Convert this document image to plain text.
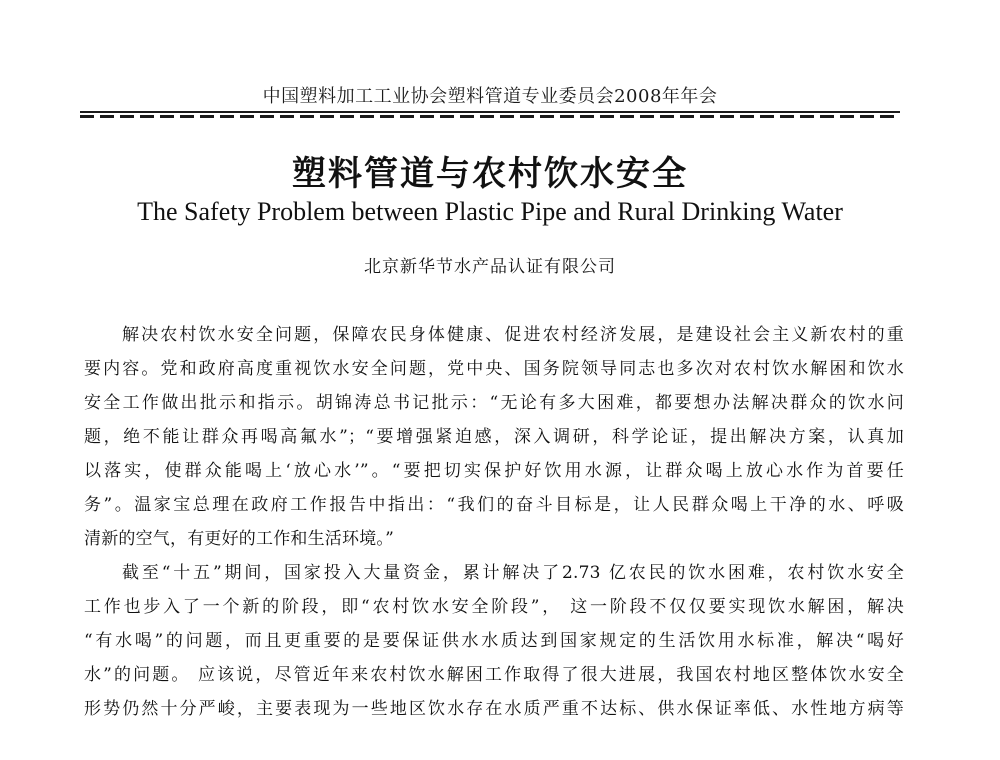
中国塑料加工工业协会塑料管道专业委员会2008年年会
塑料管道与农村饮水安全
The Safety Problem between Plastic Pipe and Rural Drinking Water
北京新华节水产品认证有限公司
解决农村饮水安全问题，保障农民身体健康、促进农村经济发展，是建设社会主义新农村的重
要内容。党和政府高度重视饮水安全问题，党中央、国务院领导同志也多次对农村饮水解困和饮水
安全工作做出批示和指示。胡锦涛总书记批示：“无论有多大困难，都要想办法解决群众的饮水问
题，绝不能让群众再喝高氟水”；“要增强紧迫感，深入调研，科学论证，提出解决方案，认真加
以落实，使群众能喝上‘放心水’”。“要把切实保护好饮用水源，让群众喝上放心水作为首要任
务”。温家宝总理在政府工作报告中指出：“我们的奋斗目标是，让人民群众喝上干净的水、呼吸
清新的空气，有更好的工作和生活环境。”
截至“十五”期间，国家投入大量资金，累计解决了2.73 亿农民的饮水困难，农村饮水安全
工作也步入了一个新的阶段，即“农村饮水安全阶段”， 这一阶段不仅仅要实现饮水解困，解决
“有水喝”的问题，而且更重要的是要保证供水水质达到国家规定的生活饮用水标准，解决“喝好
水”的问题。 应该说，尽管近年来农村饮水解困工作取得了很大进展，我国农村地区整体饮水安全
形势仍然十分严峻，主要表现为一些地区饮水存在水质严重不达标、供水保证率低、水性地方病等
